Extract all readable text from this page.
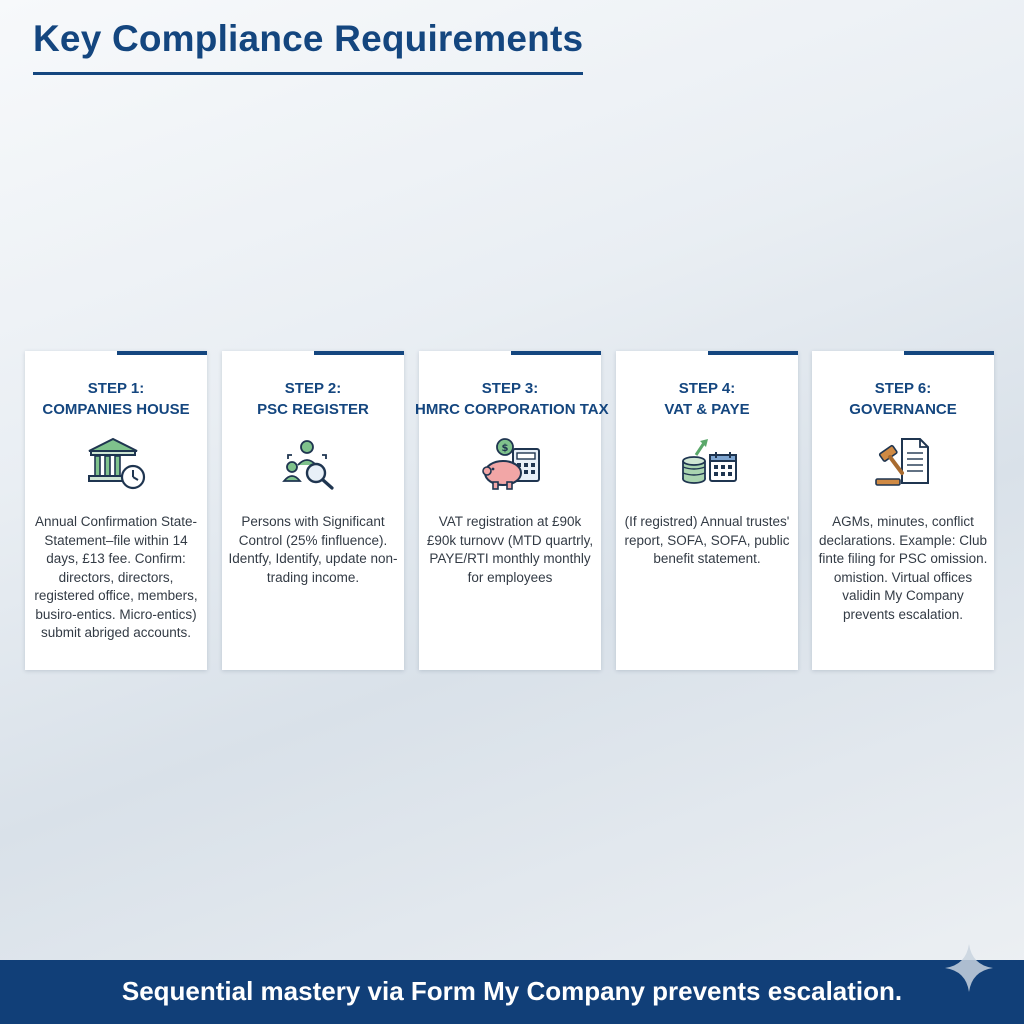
Key Compliance Requirements
STEP 1:
COMPANIES HOUSE
Annual Confirmation State-Statement–file within 14 days, £13 fee. Confirm: directors, directors, registered office, members, busiro-entics. Micro-entics) submit abriged accounts.
STEP 2:
PSC REGISTER
Persons with Significant Control (25% finfluence). Identfy, Identify, update non-trading income.
STEP 3:
HMRC CORPORATION TAX
$
VAT registration at £90k £90k turnovv (MTD quartrly, PAYE/RTI monthly monthly for employees
STEP 4:
VAT & PAYE
(If registred) Annual trustes' report, SOFA, SOFA, public benefit statement.
STEP 6:
GOVERNANCE
AGMs, minutes, conflict declarations. Example: Club finte filing for PSC omission. omistion. Virtual offices validin My Company prevents escalation.
Sequential mastery via Form My Company prevents escalation.
